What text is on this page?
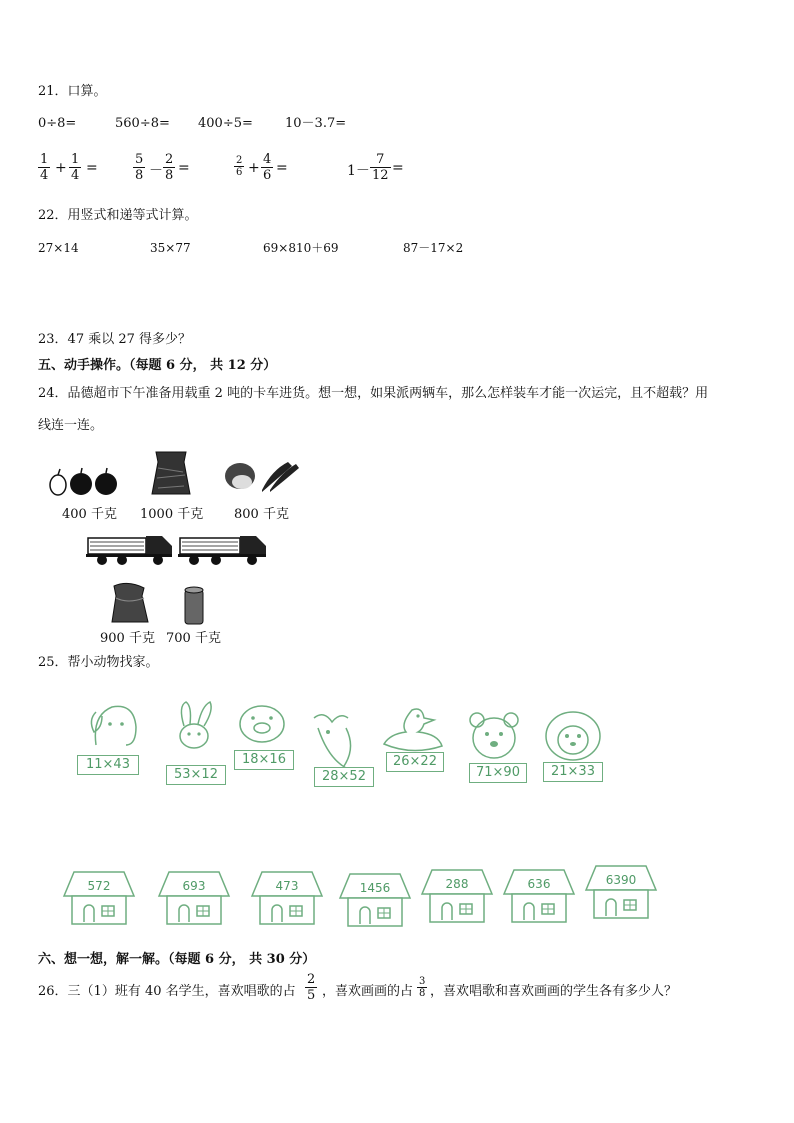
21．口算。
0÷8=	560÷8= 400÷5= 10－3.7=
1
4 +
1
4 =
5
8 －
2
8 =	2
6 +
4
6 =	1－
7
12 =
22．用竖式和递等式计算。
27×14	35×77	69×810＋69	87－17×2
23．47 乘以 27 得多少？
五、动手操作。（每题 6 分， 共 12 分）
24．品德超市下午准备用载重 2 吨的卡车进货。想一想，如果派两辆车，那么怎样装车才能一次运完，且不超载？用
线连一连。
400 千克 1000 千克 800 千克
900 千克 700 千克
25．帮小动物找家。
11×43
53×12
18×16
28×52
26×22
71×90	21×33
572	693	473	1456	288	636	6390
六、想一想，解一解。（每题 6 分， 共 30 分）
26．三（1）班有 40 名学生，喜欢唱歌的占
2
5 ，喜欢画画的占
3
8 ，喜欢唱歌和喜欢画画的学生各有多少人？
